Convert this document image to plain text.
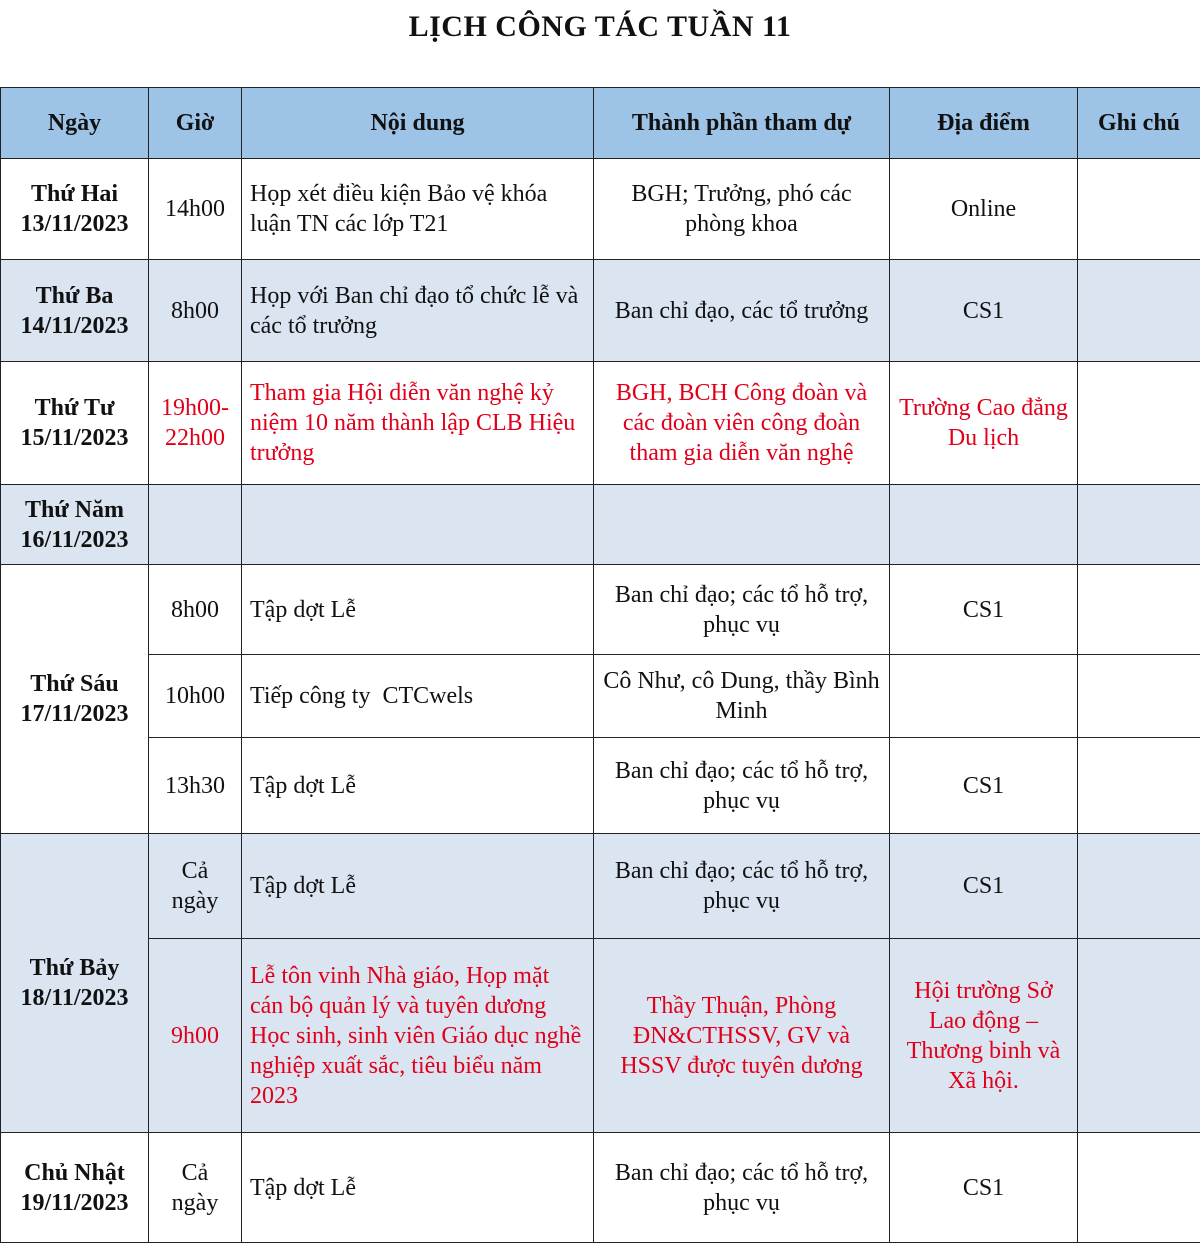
LỊCH CÔNG TÁC TUẦN 11
Ngày	Giờ	Nội dung	Thành phần tham dự	Địa điểm	Ghi chú

Thứ Hai
13/11/2023	14h00	Họp xét điều kiện Bảo vệ khóa luận TN các lớp T21	BGH; Trưởng, phó các phòng khoa	Online	

Thứ Ba
14/11/2023	8h00	Họp với Ban chỉ đạo tổ chức lễ và các tổ trưởng	Ban chỉ đạo, các tổ trưởng	CS1	

Thứ Tư
15/11/2023	19h00-22h00	Tham gia Hội diễn văn nghệ kỷ niệm 10 năm thành lập CLB Hiệu trưởng	BGH, BCH Công đoàn và các đoàn viên công đoàn tham gia diễn văn nghệ	Trường Cao đẳng Du lịch	

Thứ Năm
16/11/2023					

Thứ Sáu
17/11/2023	8h00	Tập dợt Lễ	Ban chỉ đạo; các tổ hỗ trợ, phục vụ	CS1	
	10h00	Tiếp công ty  CTCwels	Cô Như, cô Dung, thầy Bình Minh		
	13h30	Tập dợt Lễ	Ban chỉ đạo; các tổ hỗ trợ, phục vụ	CS1	

Thứ Bảy
18/11/2023	Cả ngày	Tập dợt Lễ	Ban chỉ đạo; các tổ hỗ trợ, phục vụ	CS1	
	9h00	Lễ tôn vinh Nhà giáo, Họp mặt cán bộ quản lý và tuyên dương Học sinh, sinh viên Giáo dục nghề nghiệp xuất sắc, tiêu biểu năm 2023	Thầy Thuận, Phòng ĐN&CTHSSV, GV và HSSV được tuyên dương	Hội trường Sở Lao động – Thương binh và Xã hội.	

Chủ Nhật
19/11/2023	Cả ngày	Tập dợt Lễ	Ban chỉ đạo; các tổ hỗ trợ, phục vụ	CS1	
